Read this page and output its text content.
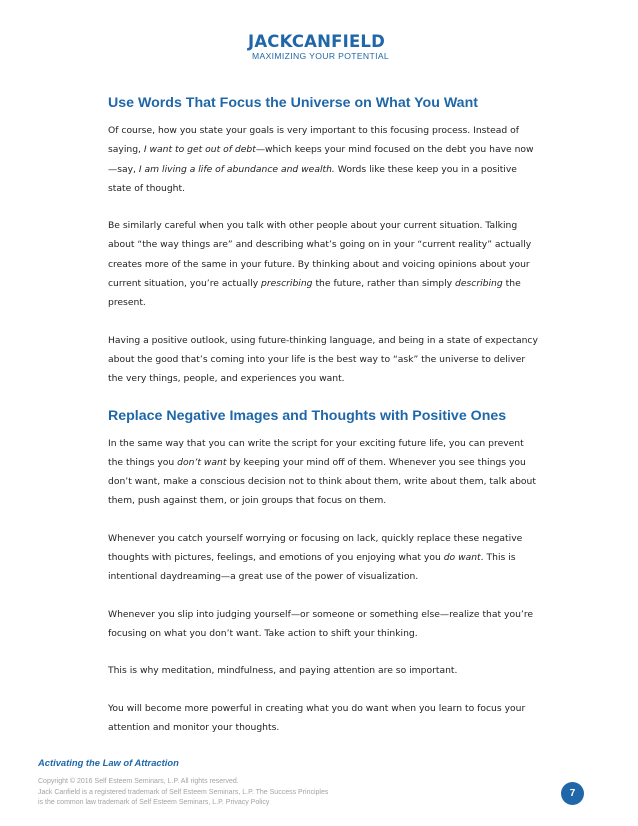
JACKCANFIELD
MAXIMIZING YOUR POTENTIAL
Use Words That Focus the Universe on What You Want

Of course, how you state your goals is very important to this focusing process. Instead of saying, I want to get out of debt—which keeps your mind focused on the debt you have now—say, I am living a life of abundance and wealth. Words like these keep you in a positive state of thought.

Be similarly careful when you talk with other people about your current situation. Talking about “the way things are” and describing what’s going on in your “current reality” actually creates more of the same in your future. By thinking about and voicing opinions about your current situation, you’re actually prescribing the future, rather than simply describing the present.

Having a positive outlook, using future-thinking language, and being in a state of expectancy about the good that’s coming into your life is the best way to “ask” the universe to deliver the very things, people, and experiences you want.

Replace Negative Images and Thoughts with Positive Ones

In the same way that you can write the script for your exciting future life, you can prevent the things you don’t want by keeping your mind off of them. Whenever you see things you don’t want, make a conscious decision not to think about them, write about them, talk about them, push against them, or join groups that focus on them.

Whenever you catch yourself worrying or focusing on lack, quickly replace these negative thoughts with pictures, feelings, and emotions of you enjoying what you do want. This is intentional daydreaming—a great use of the power of visualization.

Whenever you slip into judging yourself—or someone or something else—realize that you’re focusing on what you don’t want. Take action to shift your thinking.

This is why meditation, mindfulness, and paying attention are so important.

You will become more powerful in creating what you do want when you learn to focus your attention and monitor your thoughts.

Activating the Law of Attraction
Copyright © 2016 Self Esteem Seminars, L.P. All rights reserved.
Jack Canfield is a registered trademark of Self Esteem Seminars, L.P. The Success Principles
is the common law trademark of Self Esteem Seminars, L.P. Privacy Policy
7
